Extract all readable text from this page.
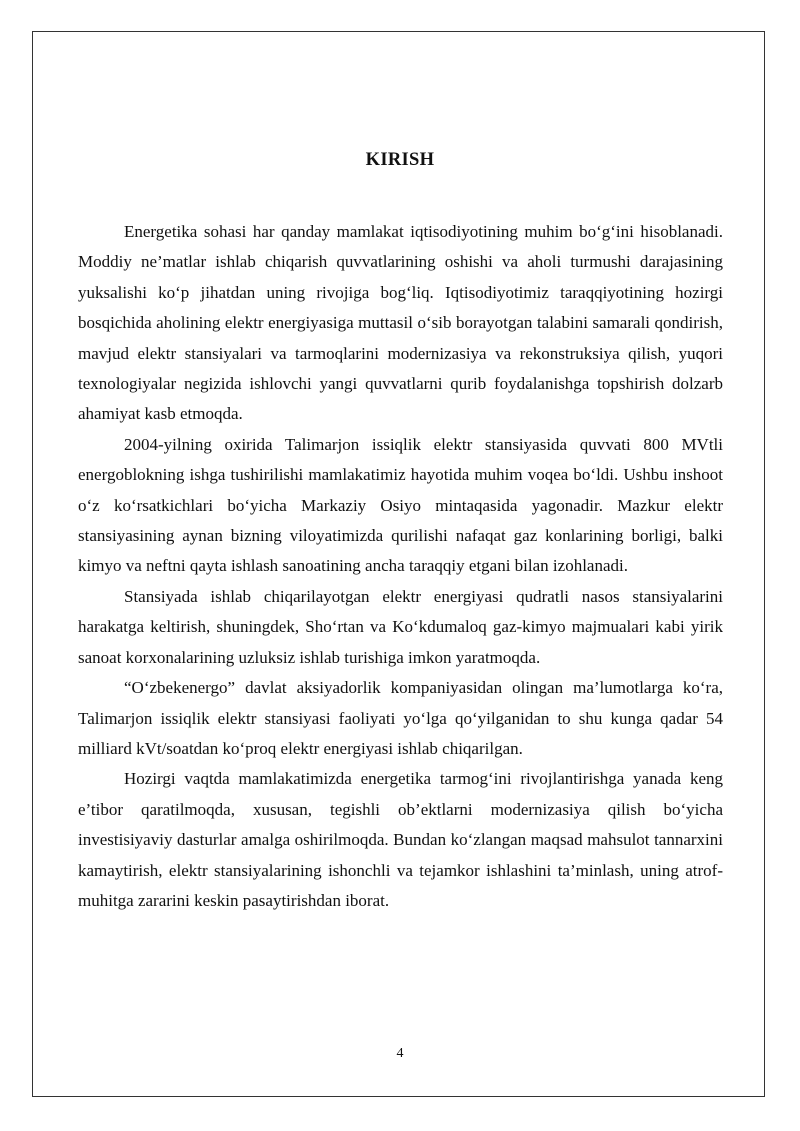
KIRISH

Energetika sohasi har qanday mamlakat iqtisodiyotining muhim bo‘g‘ini hisoblanadi. Moddiy ne’matlar ishlab chiqarish quvvatlarining oshishi va aholi turmushi darajasining yuksalishi ko‘p jihatdan uning rivojiga bog‘liq. Iqtisodiyotimiz taraqqiyotining hozirgi bosqichida aholining elektr energiyasiga muttasil o‘sib borayotgan talabini samarali qondirish, mavjud elektr stansiyalari va tarmoqlarini modernizasiya va rekonstruksiya qilish, yuqori texnologiyalar negizida ishlovchi yangi quvvatlarni qurib foydalanishga topshirish dolzarb ahamiyat kasb etmoqda.

2004-yilning oxirida Talimarjon issiqlik elektr stansiyasida quvvati 800 MVtli energoblokning ishga tushirilishi mamlakatimiz hayotida muhim voqea bo‘ldi. Ushbu inshoot o‘z ko‘rsatkichlari bo‘yicha Markaziy Osiyo mintaqasida yagonadir. Mazkur elektr stansiyasining aynan bizning viloyatimizda qurilishi nafaqat gaz konlarining borligi, balki kimyo va neftni qayta ishlash sanoatining ancha taraqqiy etgani bilan izohlanadi.

Stansiyada ishlab chiqarilayotgan elektr energiyasi qudratli nasos stansiyalarini harakatga keltirish, shuningdek, Sho‘rtan va Ko‘kdumaloq gaz-kimyo majmualari kabi yirik sanoat korxonalarining uzluksiz ishlab turishiga imkon yaratmoqda.

“O‘zbekenergo” davlat aksiyadorlik kompaniyasidan olingan ma’lumotlarga ko‘ra, Talimarjon issiqlik elektr stansiyasi faoliyati yo‘lga qo‘yilganidan to shu kunga qadar 54 milliard kVt/soatdan ko‘proq elektr energiyasi ishlab chiqarilgan.

Hozirgi vaqtda mamlakatimizda energetika tarmog‘ini rivojlantirishga yanada keng e’tibor qaratilmoqda, xususan, tegishli ob’ektlarni modernizasiya qilish bo‘yicha investisiyaviy dasturlar amalga oshirilmoqda. Bundan ko‘zlangan maqsad mahsulot tannarxini kamaytirish, elektr stansiyalarining ishonchli va tejamkor ishlashini ta’minlash, uning atrof-muhitga zararini keskin pasaytirishdan iborat.

4
